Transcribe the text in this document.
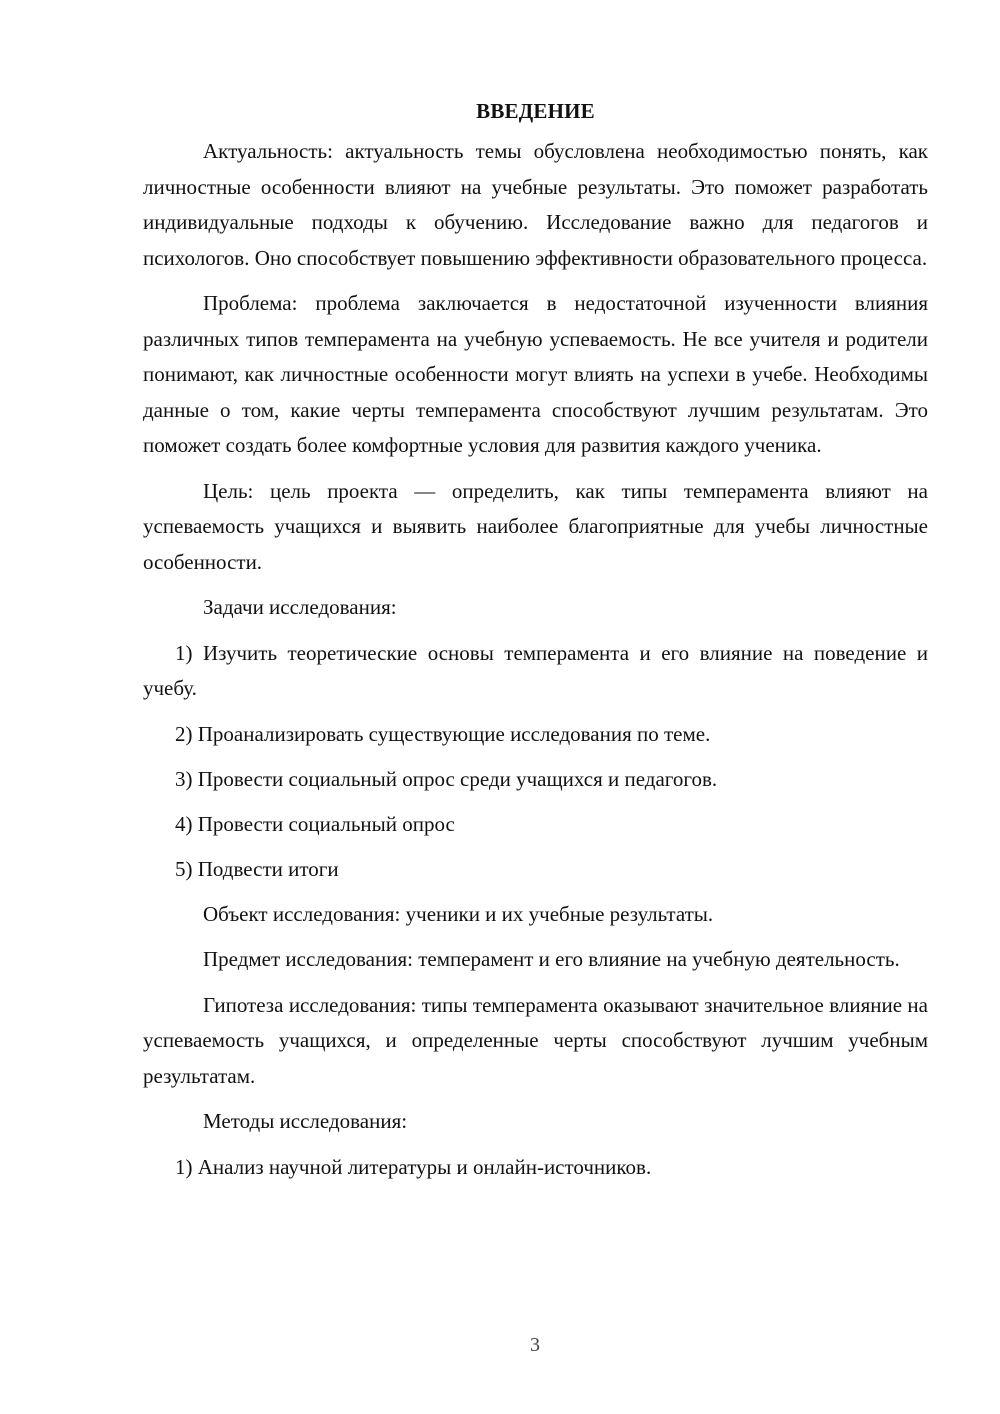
ВВЕДЕНИЕ

Актуальность: актуальность темы обусловлена необходимостью понять, как личностные особенности влияют на учебные результаты. Это поможет разработать индивидуальные подходы к обучению. Исследование важно для педагогов и психологов. Оно способствует повышению эффективности образовательного процесса.

Проблема: проблема заключается в недостаточной изученности влияния различных типов темперамента на учебную успеваемость. Не все учителя и родители понимают, как личностные особенности могут влиять на успехи в учебе. Необходимы данные о том, какие черты темперамента способствуют лучшим результатам. Это поможет создать более комфортные условия для развития каждого ученика.

Цель: цель проекта — определить, как типы темперамента влияют на успеваемость учащихся и выявить наиболее благоприятные для учебы личностные особенности.

Задачи исследования:

1) Изучить теоретические основы темперамента и его влияние на поведение и учебу.

2) Проанализировать существующие исследования по теме.

3) Провести социальный опрос среди учащихся и педагогов.

4) Провести социальный опрос

5) Подвести итоги

Объект исследования: ученики и их учебные результаты.

Предмет исследования: темперамент и его влияние на учебную деятельность.

Гипотеза исследования: типы темперамента оказывают значительное влияние на успеваемость учащихся, и определенные черты способствуют лучшим учебным результатам.

Методы исследования:

1) Анализ научной литературы и онлайн-источников.

3
